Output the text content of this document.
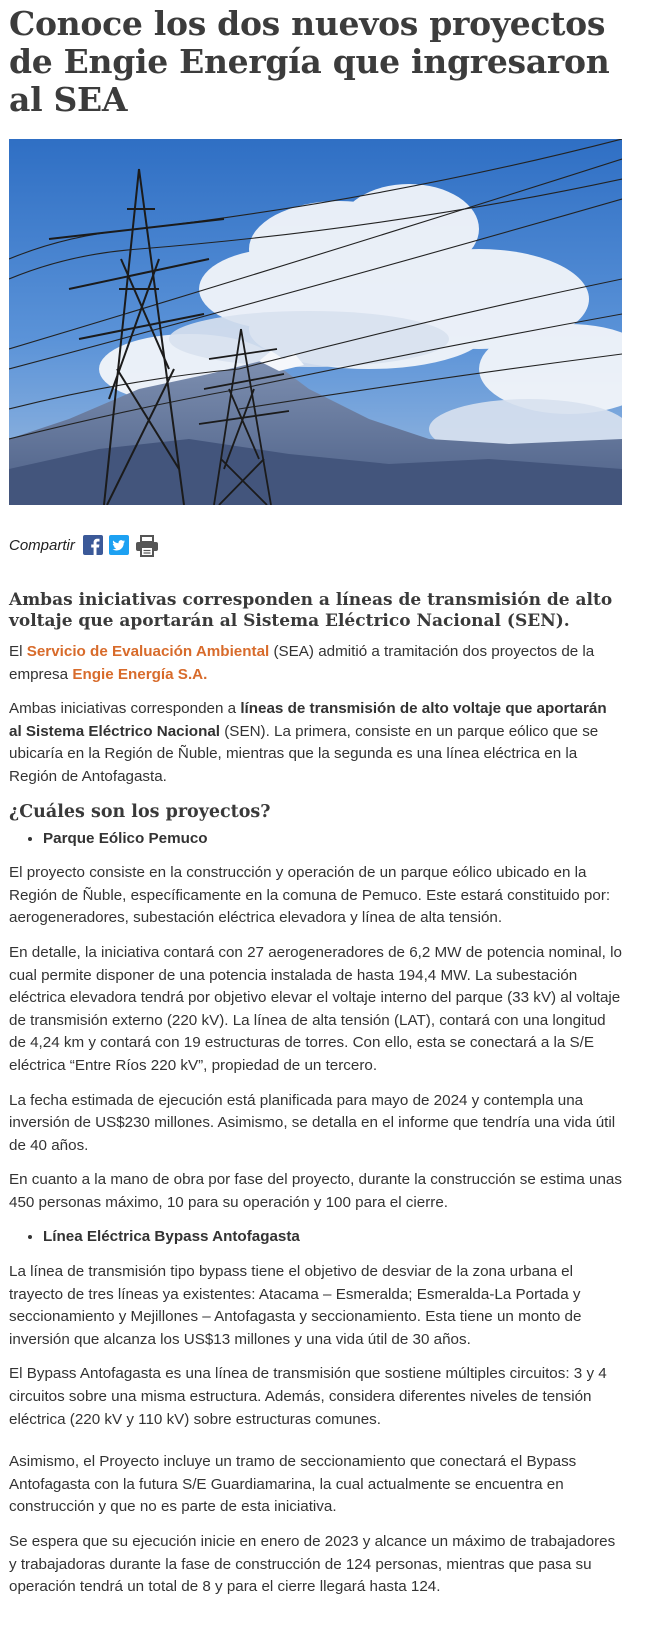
Conoce los dos nuevos proyectos de Engie Energía que ingresaron al SEA
Compartir
Ambas iniciativas corresponden a líneas de transmisión de alto voltaje que aportarán al Sistema Eléctrico Nacional (SEN).

El Servicio de Evaluación Ambiental (SEA) admitió a tramitación dos proyectos de la empresa Engie Energía S.A.

Ambas iniciativas corresponden a líneas de transmisión de alto voltaje que aportarán al Sistema Eléctrico Nacional (SEN). La primera, consiste en un parque eólico que se ubicaría en la Región de Ñuble, mientras que la segunda es una línea eléctrica en la Región de Antofagasta.

¿Cuáles son los proyectos?
• Parque Eólico Pemuco

El proyecto consiste en la construcción y operación de un parque eólico ubicado en la Región de Ñuble, específicamente en la comuna de Pemuco. Este estará constituido por: aerogeneradores, subestación eléctrica elevadora y línea de alta tensión.

En detalle, la iniciativa contará con 27 aerogeneradores de 6,2 MW de potencia nominal, lo cual permite disponer de una potencia instalada de hasta 194,4 MW. La subestación eléctrica elevadora tendrá por objetivo elevar el voltaje interno del parque (33 kV) al voltaje de transmisión externo (220 kV). La línea de alta tensión (LAT), contará con una longitud de 4,24 km y contará con 19 estructuras de torres. Con ello, esta se conectará a la S/E eléctrica “Entre Ríos 220 kV”, propiedad de un tercero.

La fecha estimada de ejecución está planificada para mayo de 2024 y contempla una inversión de US$230 millones. Asimismo, se detalla en el informe que tendría una vida útil de 40 años.

En cuanto a la mano de obra por fase del proyecto, durante la construcción se estima unas 450 personas máximo, 10 para su operación y 100 para el cierre.

• Línea Eléctrica Bypass Antofagasta

La línea de transmisión tipo bypass tiene el objetivo de desviar de la zona urbana el trayecto de tres líneas ya existentes: Atacama – Esmeralda; Esmeralda-La Portada y seccionamiento y Mejillones – Antofagasta y seccionamiento. Esta tiene un monto de inversión que alcanza los US$13 millones y una vida útil de 30 años.

El Bypass Antofagasta es una línea de transmisión que sostiene múltiples circuitos: 3 y 4 circuitos sobre una misma estructura. Además, considera diferentes niveles de tensión eléctrica (220 kV y 110 kV) sobre estructuras comunes.

Asimismo, el Proyecto incluye un tramo de seccionamiento que conectará el Bypass Antofagasta con la futura S/E Guardiamarina, la cual actualmente se encuentra en construcción y que no es parte de esta iniciativa.

Se espera que su ejecución inicie en enero de 2023 y alcance un máximo de trabajadores y trabajadoras durante la fase de construcción de 124 personas, mientras que pasa su operación tendrá un total de 8 y para el cierre llegará hasta 124.
